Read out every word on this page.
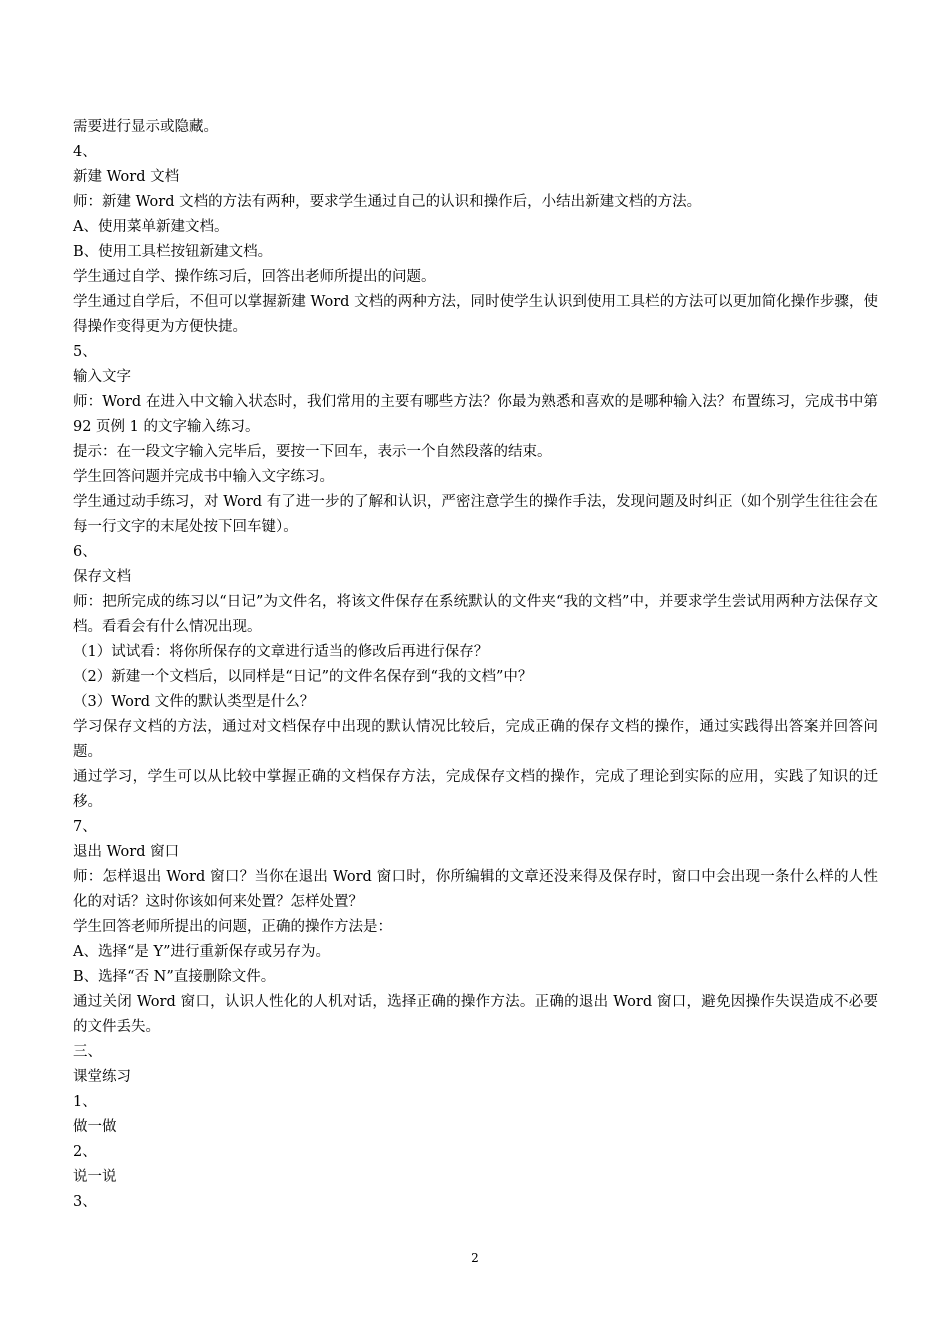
需要进行显示或隐藏。
4、
新建 Word 文档
师：新建 Word 文档的方法有两种，要求学生通过自己的认识和操作后，小结出新建文档的方法。
A、使用菜单新建文档。
B、使用工具栏按钮新建文档。
学生通过自学、操作练习后，回答出老师所提出的问题。
学生通过自学后，不但可以掌握新建 Word 文档的两种方法，同时使学生认识到使用工具栏的方法可以更加简化操作步骤，使得操作变得更为方便快捷。
5、
输入文字
师：Word 在进入中文输入状态时，我们常用的主要有哪些方法？你最为熟悉和喜欢的是哪种输入法？布置练习，完成书中第 92 页例 1 的文字输入练习。
提示：在一段文字输入完毕后，要按一下回车，表示一个自然段落的结束。
学生回答问题并完成书中输入文字练习。
学生通过动手练习，对 Word 有了进一步的了解和认识，严密注意学生的操作手法，发现问题及时纠正（如个别学生往往会在每一行文字的末尾处按下回车键）。
6、
保存文档
师：把所完成的练习以“日记”为文件名，将该文件保存在系统默认的文件夹“我的文档”中，并要求学生尝试用两种方法保存文档。看看会有什么情况出现。
（1）试试看：将你所保存的文章进行适当的修改后再进行保存？
（2）新建一个文档后，以同样是“日记”的文件名保存到“我的文档”中？
（3）Word 文件的默认类型是什么？
学习保存文档的方法，通过对文档保存中出现的默认情况比较后，完成正确的保存文档的操作，通过实践得出答案并回答问题。
通过学习，学生可以从比较中掌握正确的文档保存方法，完成保存文档的操作，完成了理论到实际的应用，实践了知识的迁移。
7、
退出 Word 窗口
师：怎样退出 Word 窗口？当你在退出 Word 窗口时，你所编辑的文章还没来得及保存时，窗口中会出现一条什么样的人性化的对话？这时你该如何来处置？怎样处置？
学生回答老师所提出的问题，正确的操作方法是：
A、选择“是 Y”进行重新保存或另存为。
B、选择“否 N”直接删除文件。
通过关闭 Word 窗口，认识人性化的人机对话，选择正确的操作方法。正确的退出 Word 窗口，避免因操作失误造成不必要的文件丢失。
三、
课堂练习
1、
做一做
2、
说一说
3、
2
